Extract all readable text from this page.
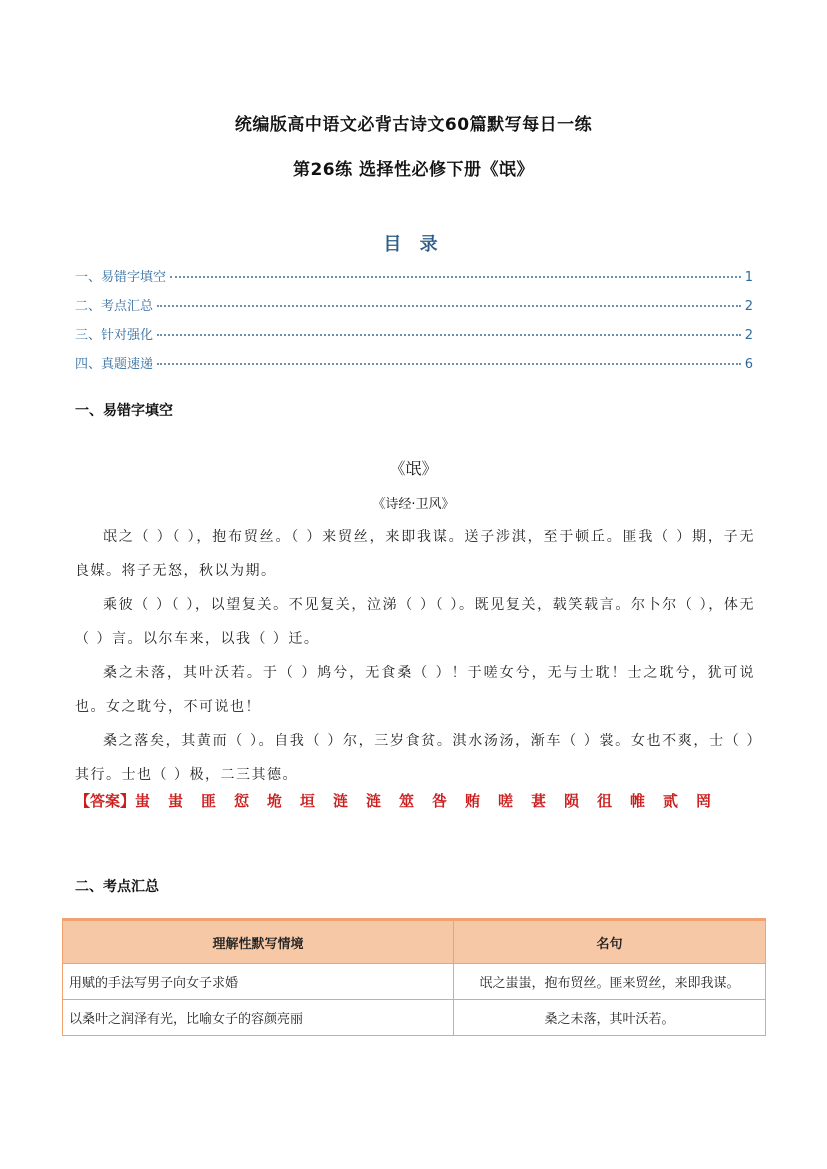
统编版高中语文必背古诗文60篇默写每日一练
第26练 选择性必修下册《氓》
目 录
一、易错字填空	1
二、考点汇总	2
三、针对强化	2
四、真题速递	6
一、易错字填空
《氓》
《诗经·卫风》
氓之（ ）（ ），抱布贸丝。（ ）来贸丝，来即我谋。送子涉淇，至于顿丘。匪我（ ）期，子无良媒。将子无怒，秋以为期。
乘彼（ ）（ ），以望复关。不见复关，泣涕（ ）（ ）。既见复关，载笑载言。尔卜尔（ ），体无（ ）言。以尔车来，以我（ ）迁。
桑之未落，其叶沃若。于（ ）鸠兮，无食桑（ ）！于嗟女兮，无与士耽！士之耽兮，犹可说也。女之耽兮，不可说也！
桑之落矣，其黄而（ ）。自我（ ）尔，三岁食贫。淇水汤汤，渐车（ ）裳。女也不爽，士（ ）其行。士也（ ）极，二三其德。
【答案】蚩蚩匪愆垝垣涟涟筮咎贿嗟葚陨徂帷贰罔
二、考点汇总
理解性默写情境	名句
用赋的手法写男子向女子求婚	氓之蚩蚩，抱布贸丝。匪来贸丝，来即我谋。
以桑叶之润泽有光，比喻女子的容颜亮丽	桑之未落，其叶沃若。
